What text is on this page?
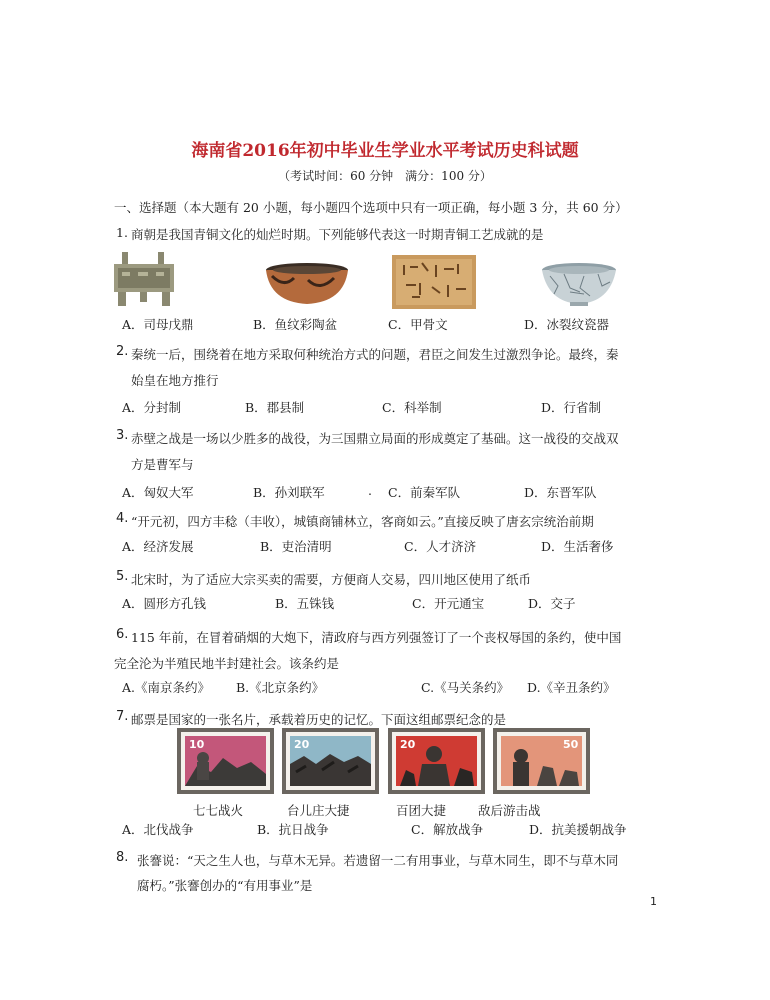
海南省2016年初中毕业生学业水平考试历史科试题
（考试时间：60 分钟　满分：100 分）
一、选择题（本大题有 20 小题，每小题四个选项中只有一项正确，每小题 3 分，共 60 分）
1. 商朝是我国青铜文化的灿烂时期。下列能够代表这一时期青铜工艺成就的是
A．司母戊鼎	B．鱼纹彩陶盆	C．甲骨文	D．冰裂纹瓷器
2. 秦统一后，围绕着在地方采取何种统治方式的问题，君臣之间发生过激烈争论。最终，秦
始皇在地方推行
A．分封制	B．郡县制	C．科举制	D．行省制
3. 赤壁之战是一场以少胜多的战役，为三国鼎立局面的形成奠定了基础。这一战役的交战双
方是曹军与
A．匈奴大军	B．孙刘联军	. C．前秦军队	D．东晋军队
4. “开元初，四方丰稔（丰收），城镇商铺林立，客商如云。”直接反映了唐玄宗统治前期
A．经济发展	B．吏治清明	C．人才济济	D．生活奢侈
5. 北宋时，为了适应大宗买卖的需要，方便商人交易，四川地区使用了纸币
A．圆形方孔钱	B．五铢钱	C．开元通宝	D．交子
6. 115 年前，在冒着硝烟的大炮下，清政府与西方列强签订了一个丧权辱国的条约，使中国
完全沦为半殖民地半封建社会。该条约是
A.《南京条约》 B.《北京条约》	C.《马关条约》 D.《辛丑条约》
7. 邮票是国家的一张名片，承载着历史的记忆。下面这组邮票纪念的是
10	20	20	50
七七战火	台儿庄大捷	百团大捷	敌后游击战
A．北伐战争	B．抗日战争	C．解放战争	D．抗美援朝战争
8. 张謇说：“天之生人也，与草木无异。若遗留一二有用事业，与草木同生，即不与草木同
腐朽。”张謇创办的“有用事业”是
1
